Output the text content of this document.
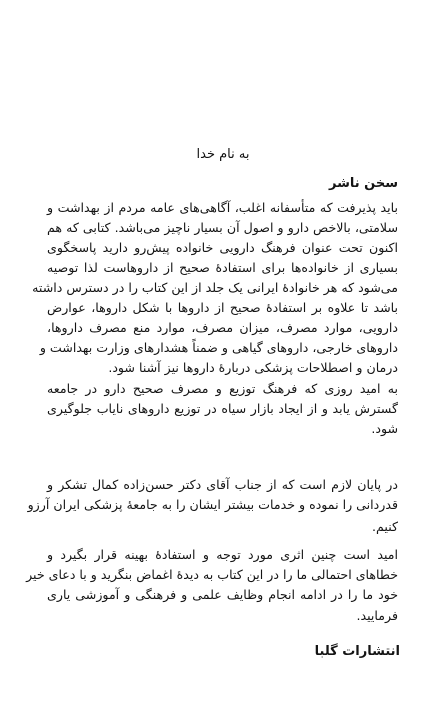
به نام خدا
سخن ناشر
باید پذیرفت که متأسفانه اغلب، آگاهی‌های عامه مردم از بهداشت و
سلامتی، بالاخص دارو و اصول آن بسیار ناچیز می‌باشد. کتابی که هم
اکنون تحت عنوان فرهنگ دارویی خانواده پیش‌رو دارید پاسخگوی
بسیاری از خانواده‌ها برای استفادهٔ صحیح از داروهاست لذا توصیه
می‌شود که هر خانوادهٔ ایرانی یک جلد از این کتاب را در دسترس داشته
باشد تا علاوه بر استفادهٔ صحیح از داروها با شکل داروها، عوارض
دارویی، موارد مصرف، میزان مصرف، موارد منع مصرف داروها،
داروهای خارجی، داروهای گیاهی و ضمناً هشدارهای وزارت بهداشت و
درمان و اصطلاحات پزشکی دربارهٔ داروها نیز آشنا شود.
به امید روزی که فرهنگ توزیع و مصرف صحیح دارو در جامعه
گسترش یابد و از ایجاد بازار سیاه در توزیع داروهای نایاب جلوگیری
شود.
در پایان لازم است که از جناب آقای دکتر حسن‌زاده کمال تشکر و
قدردانی را نموده و خدمات بیشتر ایشان را به جامعهٔ پزشکی ایران آرزو
کنیم.
امید است چنین اثری مورد توجه و استفادهٔ بهینه قرار بگیرد و
خطاهای احتمالی ما را در این کتاب به دیدهٔ اغماض بنگرید و با دعای خیر
خود ما را در ادامه انجام وظایف علمی و فرهنگی و آموزشی یاری
فرمایید.
انتشارات گلبا
